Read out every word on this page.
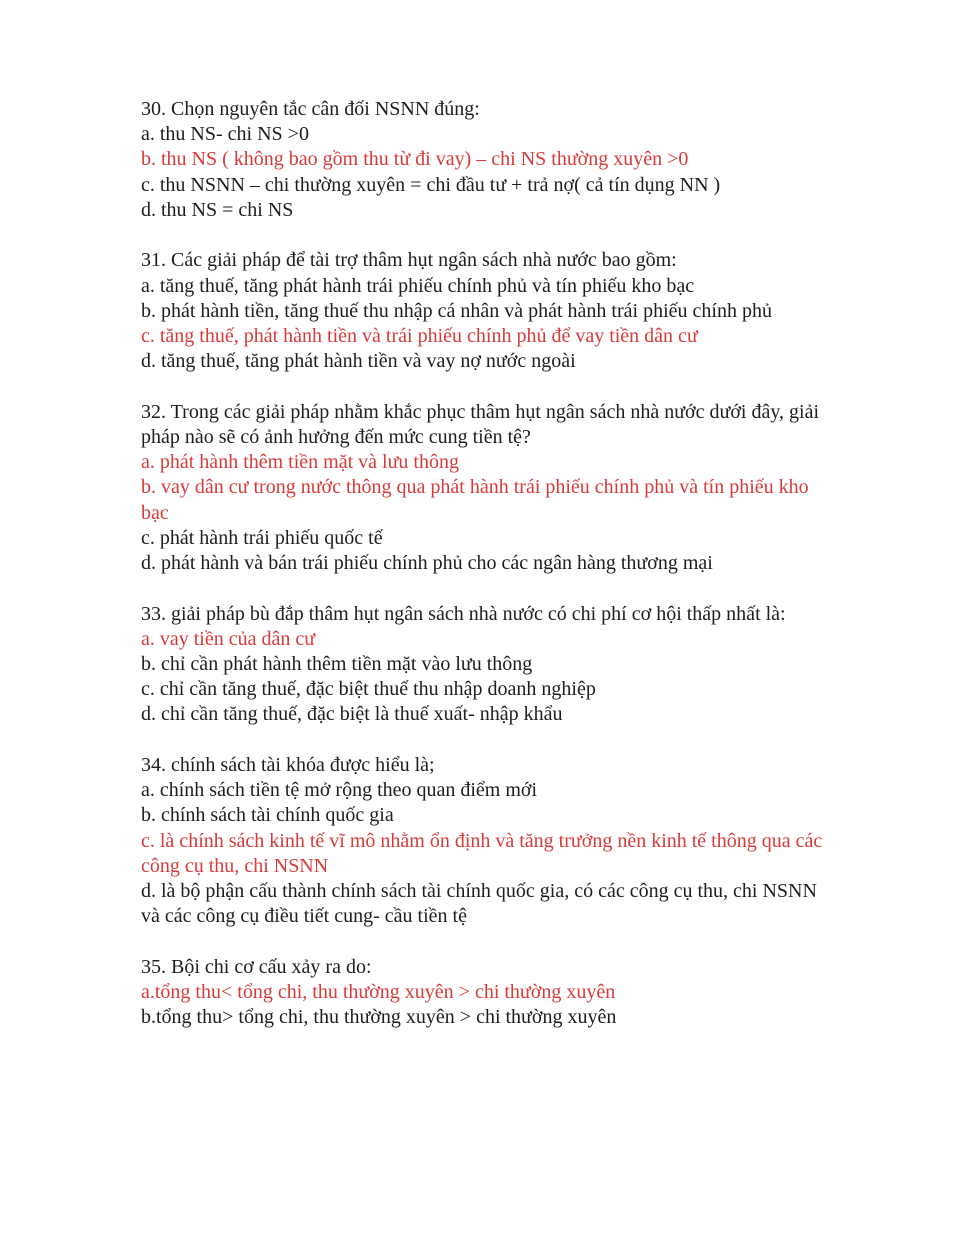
30. Chọn nguyên tắc cân đối NSNN đúng:

a. thu NS- chi NS >0

b. thu NS ( không bao gồm thu từ đi vay) – chi NS thường xuyên >0

c. thu NSNN – chi thường xuyên = chi đầu tư + trả nợ( cả tín dụng NN )

d. thu NS = chi NS

31. Các giải pháp để tài trợ thâm hụt ngân sách nhà nước bao gồm:

a. tăng thuế, tăng phát hành trái phiếu chính phủ và tín phiếu kho bạc

b. phát hành tiền, tăng thuế thu nhập cá nhân và phát hành trái phiếu chính phủ

c. tăng thuế, phát hành tiền và trái phiếu chính phủ để vay tiền dân cư

d. tăng thuế, tăng phát hành tiền và vay nợ nước ngoài

32. Trong các giải pháp nhằm khắc phục thâm hụt ngân sách nhà nước dưới đây, giải pháp nào sẽ có ảnh hưởng đến mức cung tiền tệ?

a. phát hành thêm tiền mặt và lưu thông

b. vay dân cư trong nước thông qua phát hành trái phiếu chính phủ và tín phiếu kho bạc

c. phát hành trái phiếu quốc tế

d. phát hành và bán trái phiếu chính phủ cho các ngân hàng thương mại

33. giải pháp bù đắp thâm hụt ngân sách nhà nước có chi phí cơ hội thấp nhất là:

a. vay tiền của dân cư

b. chỉ cần phát hành thêm tiền mặt vào lưu thông

c. chỉ cần tăng thuế, đặc biệt thuế thu nhập doanh nghiệp

d. chỉ cần tăng thuế, đặc biệt là thuế xuất- nhập khẩu

34. chính sách tài khóa được hiểu là;

a. chính sách tiền tệ mở rộng theo quan điểm mới

b. chính sách tài chính quốc gia

c. là chính sách kinh tế vĩ mô nhằm ổn định và tăng trưởng nền kinh tế thông qua các công cụ thu, chi NSNN

d. là bộ phận cấu thành chính sách tài chính quốc gia, có các công cụ thu, chi NSNN và các công cụ điều tiết cung- cầu tiền tệ

35. Bội chi cơ cấu xảy ra do:

a.tổng thu< tổng chi, thu thường xuyên > chi thường xuyên

b.tổng thu> tổng chi, thu thường xuyên > chi thường xuyên
